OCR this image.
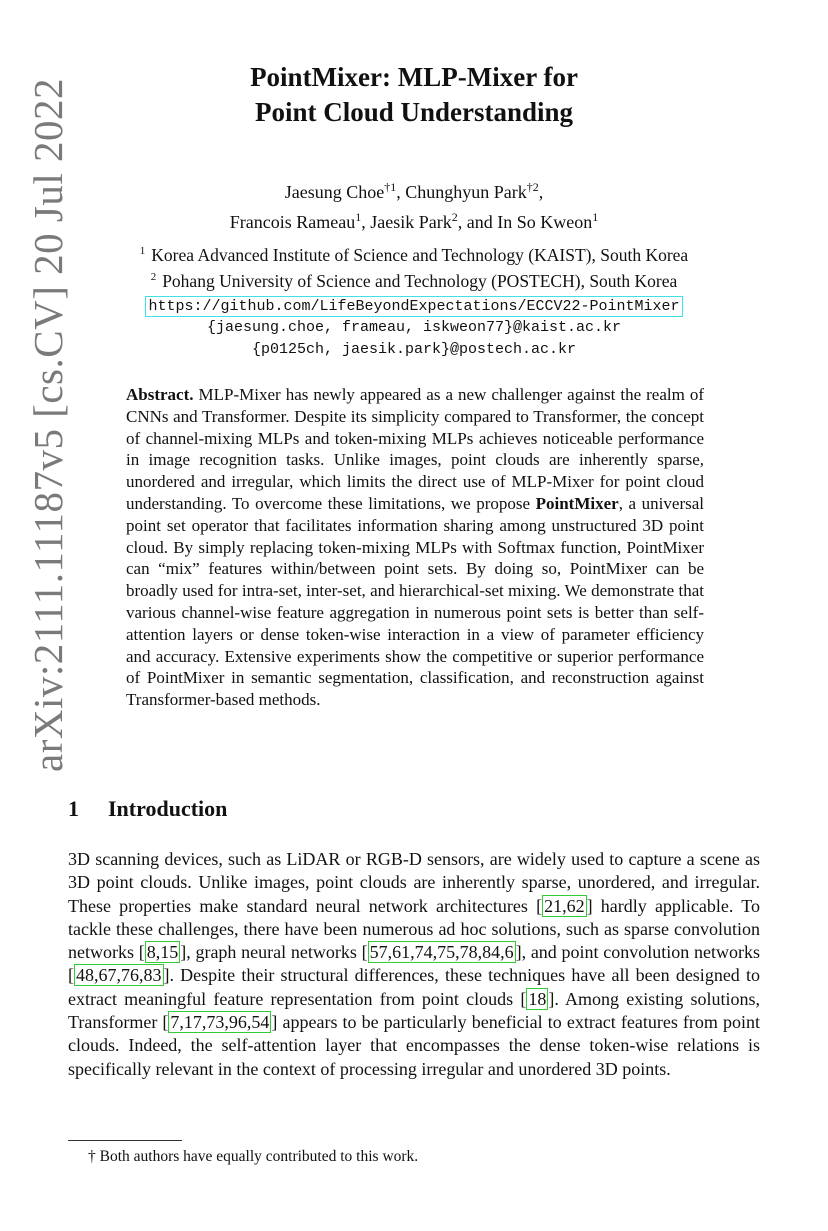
arXiv:2111.11187v5 [cs.CV] 20 Jul 2022
PointMixer: MLP-Mixer for
Point Cloud Understanding
Jaesung Choe$^{\dagger 1}$, Chunghyun Park$^{\dagger 2}$,
Francois Rameau$^1$, Jaesik Park$^2$, and In So Kweon$^1$
$^1$ Korea Advanced Institute of Science and Technology (KAIST), South Korea
$^2$ Pohang University of Science and Technology (POSTECH), South Korea
https://github.com/LifeBeyondExpectations/ECCV22-PointMixer
{jaesung.choe, frameau, iskweon77}@kaist.ac.kr
{p0125ch, jaesik.park}@postech.ac.kr
Abstract. MLP-Mixer has newly appeared as a new challenger against the realm of CNNs and Transformer. Despite its simplicity compared to Transformer, the concept of channel-mixing MLPs and token-mixing MLPs achieves noticeable performance in image recognition tasks. Unlike images, point clouds are inherently sparse, unordered and irregular, which limits the direct use of MLP-Mixer for point cloud understanding. To overcome these limitations, we propose PointMixer, a universal point set operator that facilitates information sharing among unstructured 3D point cloud. By simply replacing token-mixing MLPs with Softmax function, PointMixer can “mix” features within/between point sets. By doing so, PointMixer can be broadly used for intra-set, inter-set, and hierarchical-set mixing. We demonstrate that various channel-wise feature aggregation in numerous point sets is better than self-attention layers or dense token-wise interaction in a view of parameter efficiency and accuracy. Extensive experiments show the competitive or superior performance of PointMixer in semantic segmentation, classification, and reconstruction against Transformer-based methods.
1 Introduction
3D scanning devices, such as LiDAR or RGB-D sensors, are widely used to capture a scene as 3D point clouds. Unlike images, point clouds are inherently sparse, unordered, and irregular. These properties make standard neural network architectures [ 21,62 ] hardly applicable. To tackle these challenges, there have been numerous ad hoc solutions, such as sparse convolution networks [ 8,15 ], graph neural networks [ 57,61,74,75,78,84,6 ], and point convolution networks [ 48,67,76,83 ]. Despite their structural differences, these techniques have all been designed to extract meaningful feature representation from point clouds [ 18 ]. Among existing solutions, Transformer [ 7,17,73,96,54 ] appears to be particularly beneficial to extract features from point clouds. Indeed, the self-attention layer that encompasses the dense token-wise relations is specifically relevant in the context of processing irregular and unordered 3D points.
† Both authors have equally contributed to this work.
